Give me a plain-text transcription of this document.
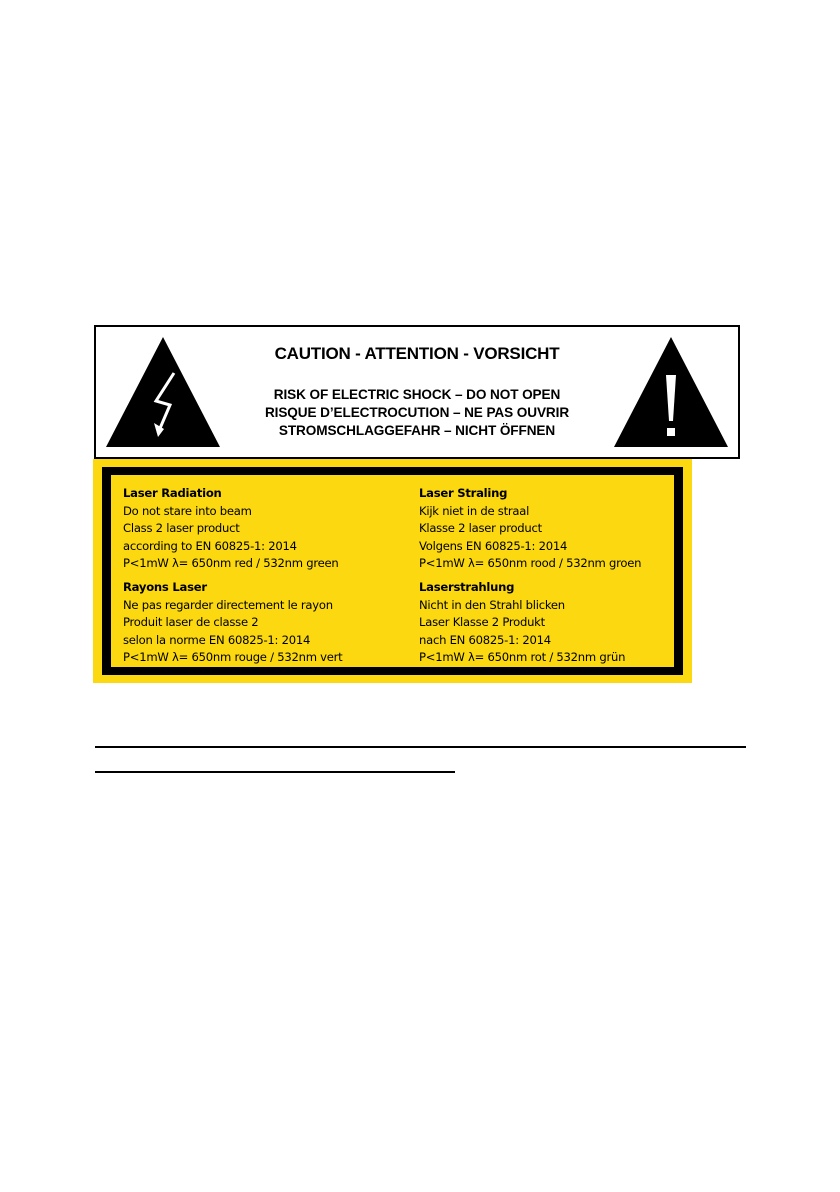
CAUTION - ATTENTION - VORSICHT
RISK OF ELECTRIC SHOCK – DO NOT OPEN
RISQUE D’ELECTROCUTION – NE PAS OUVRIR
STROMSCHLAGGEFAHR – NICHT ÖFFNEN
Laser Radiation
Do not stare into beam
Class 2 laser product
according to EN 60825-1: 2014
P<1mW λ= 650nm red / 532nm green
Laser Straling
Kijk niet in de straal
Klasse 2 laser product
Volgens EN 60825-1: 2014
P<1mW λ= 650nm rood / 532nm groen
Rayons Laser
Ne pas regarder directement le rayon
Produit laser de classe 2
selon la norme EN 60825-1: 2014
P<1mW λ= 650nm rouge / 532nm vert
Laserstrahlung
Nicht in den Strahl blicken
Laser Klasse 2 Produkt
nach EN 60825-1: 2014
P<1mW λ= 650nm rot / 532nm grün
